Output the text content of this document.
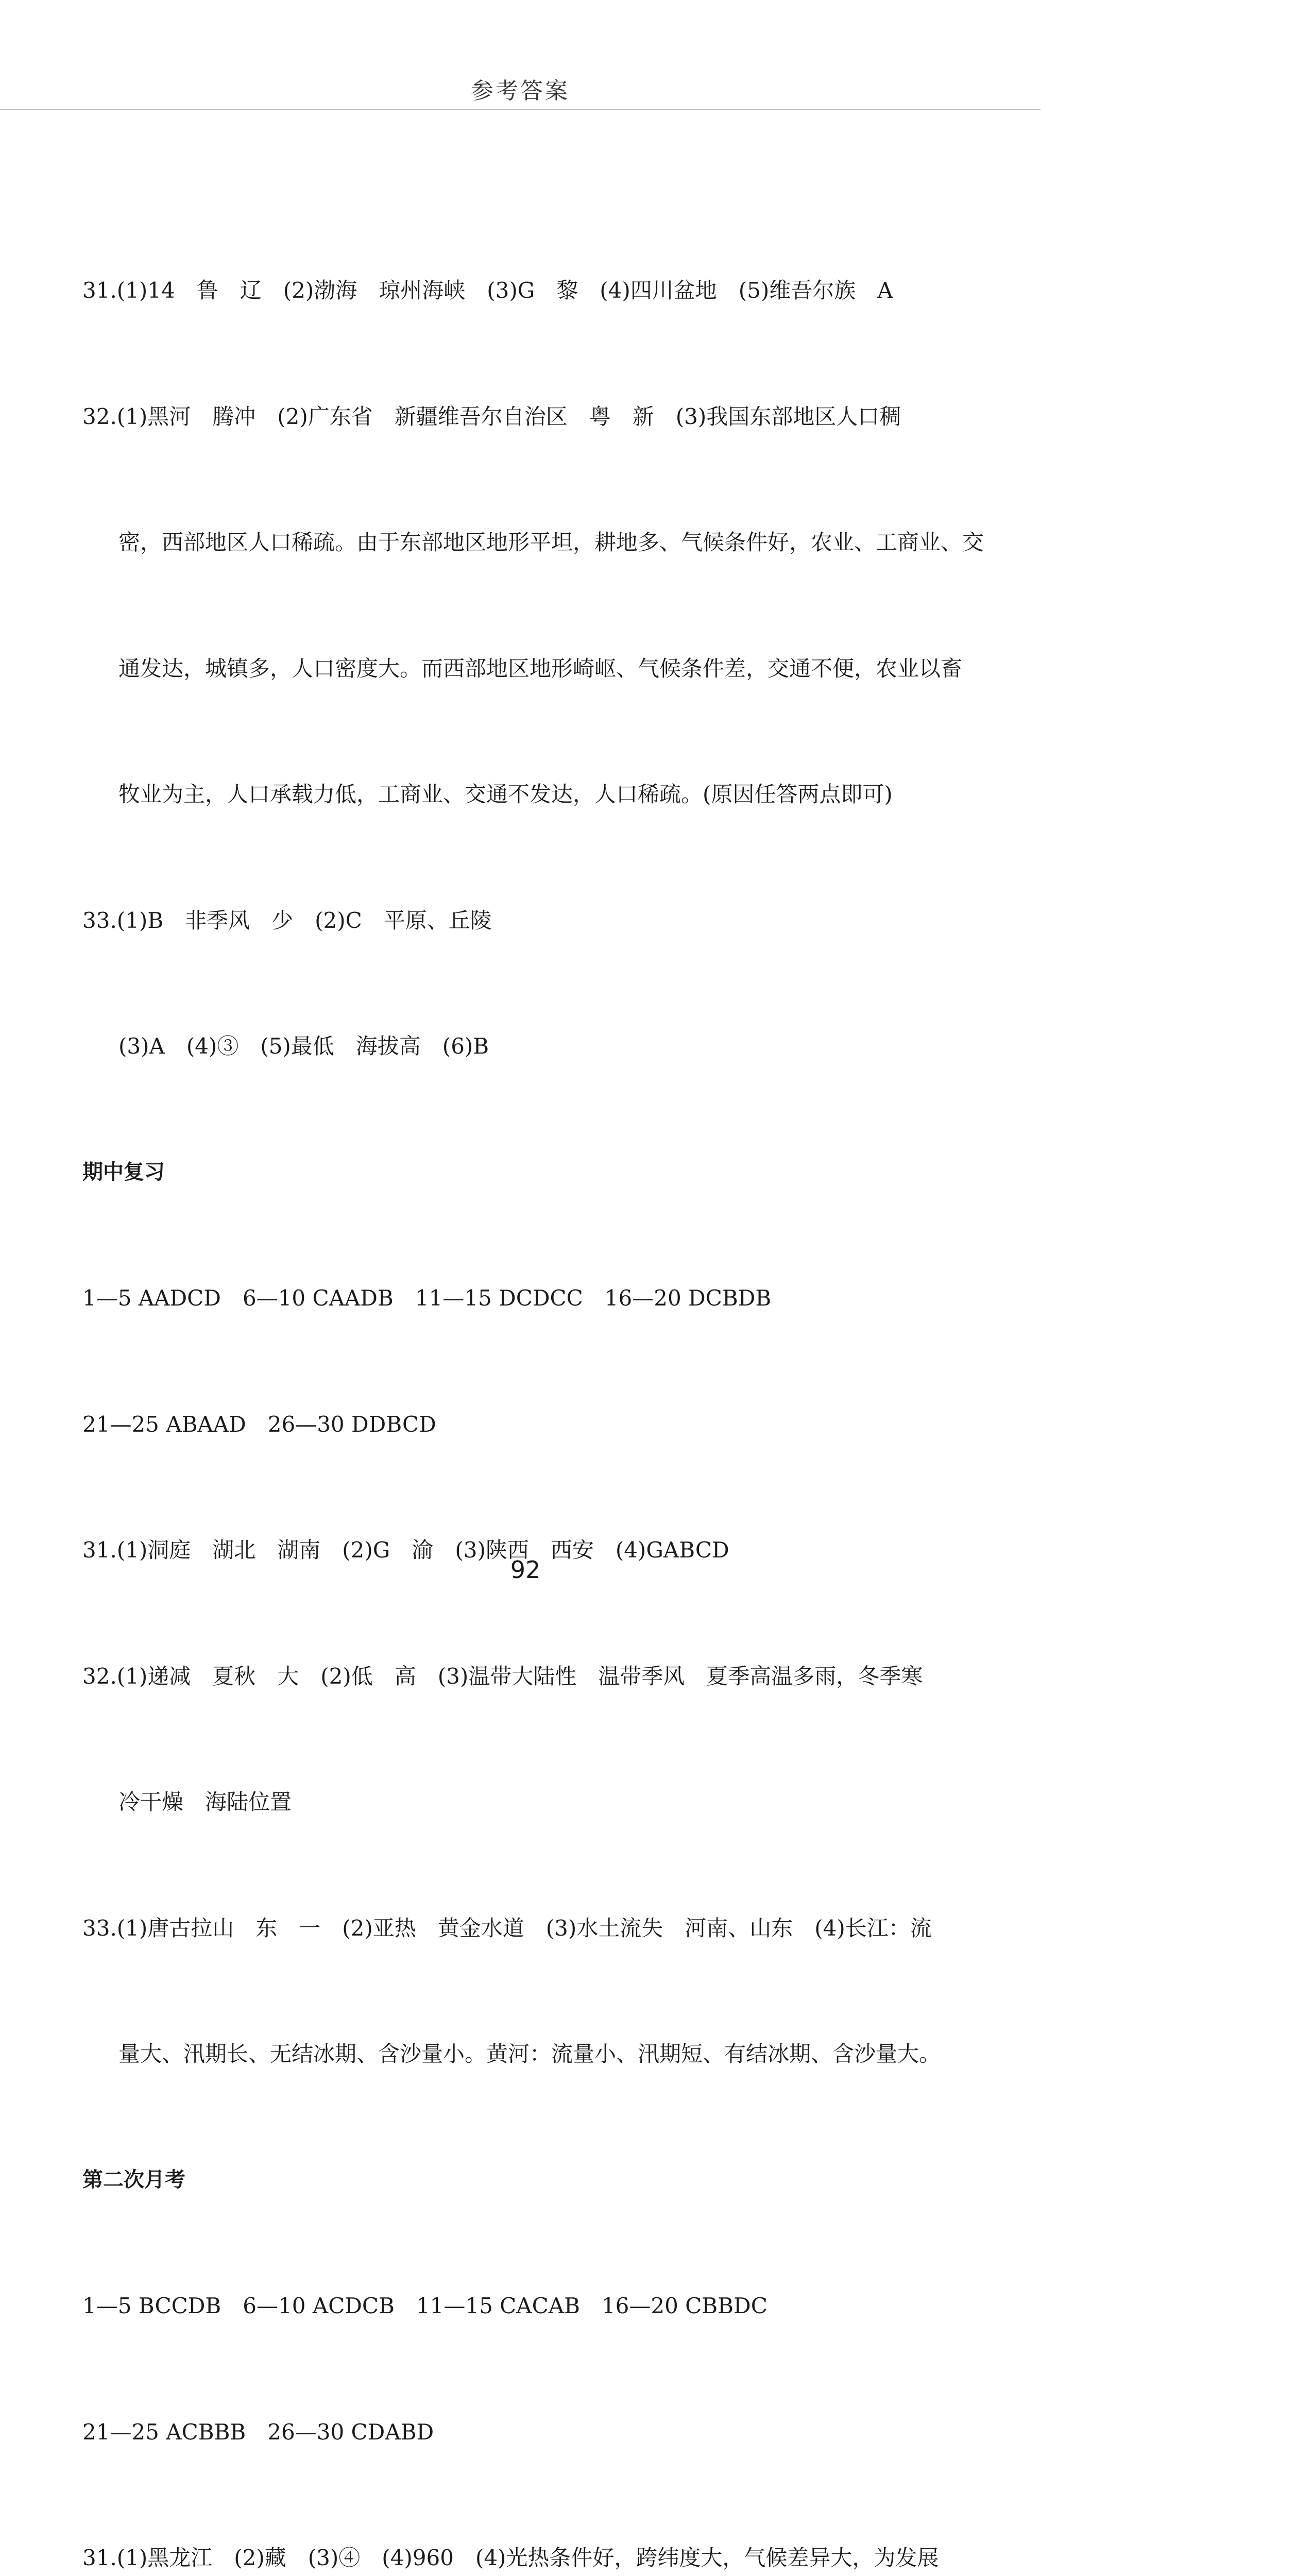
参考答案

31.(1)14　鲁　辽　(2)渤海　琼州海峡　(3)G　黎　(4)四川盆地　(5)维吾尔族　A

32.(1)黑河　腾冲　(2)广东省　新疆维吾尔自治区　粤　新　(3)我国东部地区人口稠

密，西部地区人口稀疏。由于东部地区地形平坦，耕地多、气候条件好，农业、工商业、交

通发达，城镇多，人口密度大。而西部地区地形崎岖、气候条件差，交通不便，农业以畜

牧业为主，人口承载力低，工商业、交通不发达，人口稀疏。(原因任答两点即可)

33.(1)B　非季风　少　(2)C　平原、丘陵

(3)A　(4)③　(5)最低　海拔高　(6)B

期中复习

1—5 AADCD　6—10 CAADB　11—15 DCDCC　16—20 DCBDB

21—25 ABAAD　26—30 DDBCD

31.(1)洞庭　湖北　湖南　(2)G　渝　(3)陕西　西安　(4)GABCD

32.(1)递减　夏秋　大　(2)低　高　(3)温带大陆性　温带季风　夏季高温多雨，冬季寒

冷干燥　海陆位置

33.(1)唐古拉山　东　一　(2)亚热　黄金水道　(3)水土流失　河南、山东　(4)长江：流

量大、汛期长、无结冰期、含沙量小。黄河：流量小、汛期短、有结冰期、含沙量大。

第二次月考

1—5 BCCDB　6—10 ACDCB　11—15 CACAB　16—20 CBBDC

21—25 ACBBB　26—30 CDABD

31.(1)黑龙江　(2)藏　(3)④　(4)960　(4)光热条件好，跨纬度大，气候差异大，为发展

92
